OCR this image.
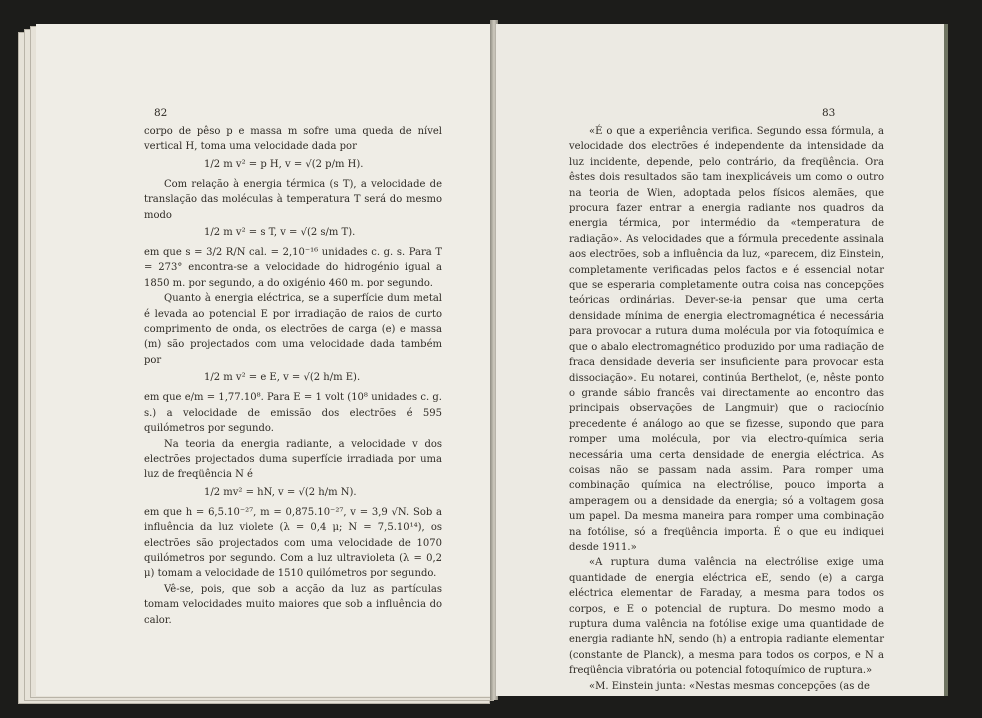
82

corpo de pêso p e massa m sofre uma queda de nível vertical H, toma uma velocidade dada por

1/2 m v² = p H, v = √(2 p/m H).

Com relação à energia térmica (s T), a velocidade de translação das moléculas à temperatura T será do mesmo modo

1/2 m v² = s T, v = √(2 s/m T).

em que s = 3/2 R/N cal. = 2,10⁻¹⁶ unidades c. g. s. Para T = 273° encontra-se a velocidade do hidrogénio igual a 1850 m. por segundo, a do oxigénio 460 m. por segundo.

Quanto à energia eléctrica, se a superfície dum metal é levada ao potencial E por irradiação de raios de curto comprimento de onda, os electrões de carga (e) e massa (m) são projectados com uma velocidade dada também por

1/2 m v² = e E, v = √(2 h/m E).

em que e/m = 1,77.10⁸. Para E = 1 volt (10⁸ unidades c. g. s.) a velocidade de emissão dos electrões é 595 quilómetros por segundo.

Na teoria da energia radiante, a velocidade v dos electrões projectados duma superfície irradiada por uma luz de freqüência N é

1/2 mv² = hN, v = √(2 h/m N).

em que h = 6,5.10⁻²⁷, m = 0,875.10⁻²⁷, v = 3,9 √N. Sob a influência da luz violete (λ = 0,4 μ; N = 7,5.10¹⁴), os electrões são projectados com uma velocidade de 1070 quilómetros por segundo. Com a luz ultravioleta (λ = 0,2 μ) tomam a velocidade de 1510 quilómetros por segundo.

Vê-se, pois, que sob a acção da luz as partículas tomam velocidades muito maiores que sob a influência do calor.

83

«É o que a experiência verifica. Segundo essa fórmula, a velocidade dos electrões é independente da intensidade da luz incidente, depende, pelo contrário, da freqüência. Ora êstes dois resultados são tam inexplicáveis um como o outro na teoria de Wien, adoptada pelos físicos alemães, que procura fazer entrar a energia radiante nos quadros da energia térmica, por intermédio da «temperatura de radiação». As velocidades que a fórmula precedente assinala aos electrões, sob a influência da luz, «parecem, diz Einstein, completamente verificadas pelos factos e é essencial notar que se esperaria completamente outra coisa nas concepções teóricas ordinárias. Dever-se-ia pensar que uma certa densidade mínima de energia electromagnética é necessária para provocar a rutura duma molécula por via fotoquímica e que o abalo electromagnético produzido por uma radiação de fraca densidade deveria ser insuficiente para provocar esta dissociação». Eu notarei, continúa Berthelot, (e, nêste ponto o grande sábio francês vai directamente ao encontro das principais observações de Langmuir) que o raciocínio precedente é análogo ao que se fizesse, supondo que para romper uma molécula, por via electro-química seria necessária uma certa densidade de energia eléctrica. As coisas não se passam nada assim. Para romper uma combinação química na electrólise, pouco importa a amperagem ou a densidade da energia; só a voltagem gosa um papel. Da mesma maneira para romper uma combinação na fotólise, só a freqüência importa. É o que eu indiquei desde 1911.»

«A ruptura duma valência na electrólise exige uma quantidade de energia eléctrica eE, sendo (e) a carga eléctrica elementar de Faraday, a mesma para todos os corpos, e E o potencial de ruptura. Do mesmo modo a ruptura duma valência na fotólise exige uma quantidade de energia radiante hN, sendo (h) a entropia radiante elementar (constante de Planck), a mesma para todos os corpos, e N a freqüência vibratória ou potencial fotoquímico de ruptura.»

«M. Einstein junta: «Nestas mesmas concepções (as de
